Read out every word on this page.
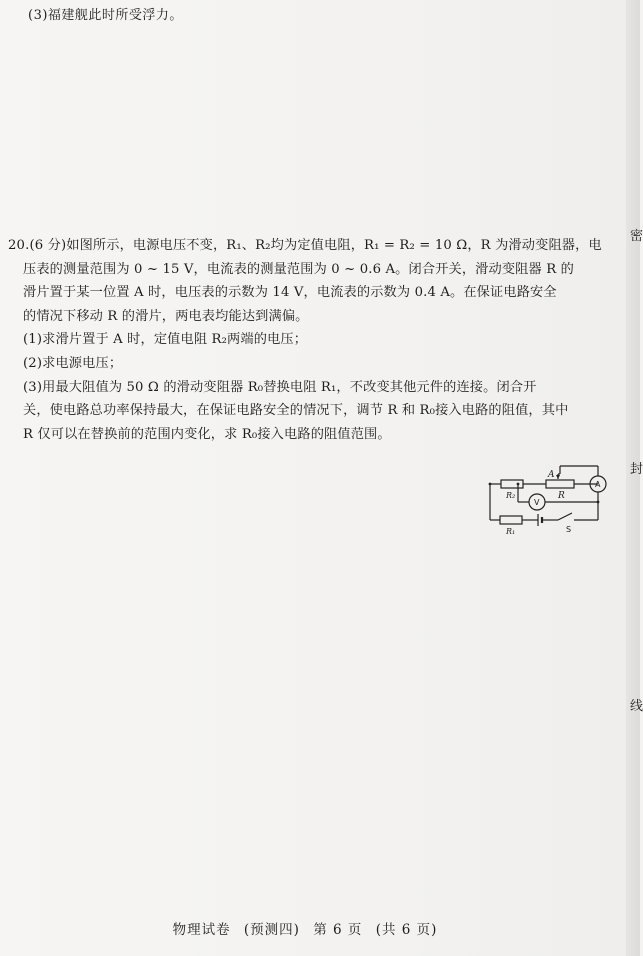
密
封
线
(3)福建舰此时所受浮力。
20.(6 分)如图所示，电源电压不变，R₁、R₂均为定值电阻，R₁ = R₂ = 10 Ω，R 为滑动变阻器，电
压表的测量范围为 0 ~ 15 V，电流表的测量范围为 0 ~ 0.6 A。闭合开关，滑动变阻器 R 的
滑片置于某一位置 A 时，电压表的示数为 14 V，电流表的示数为 0.4 A。在保证电路安全
的情况下移动 R 的滑片，两电表均能达到满偏。
(1)求滑片置于 A 时，定值电阻 R₂两端的电压；
(2)求电源电压；
(3)用最大阻值为 50 Ω 的滑动变阻器 R₀替换电阻 R₁，不改变其他元件的连接。闭合开
关，使电路总功率保持最大，在保证电路安全的情况下，调节 R 和 R₀接入电路的阻值，其中
R 仅可以在替换前的范围内变化，求 R₀接入电路的阻值范围。
A
R₂	R
R₁	S
V
A
物理试卷 (预测四) 第 6 页 (共 6 页)
